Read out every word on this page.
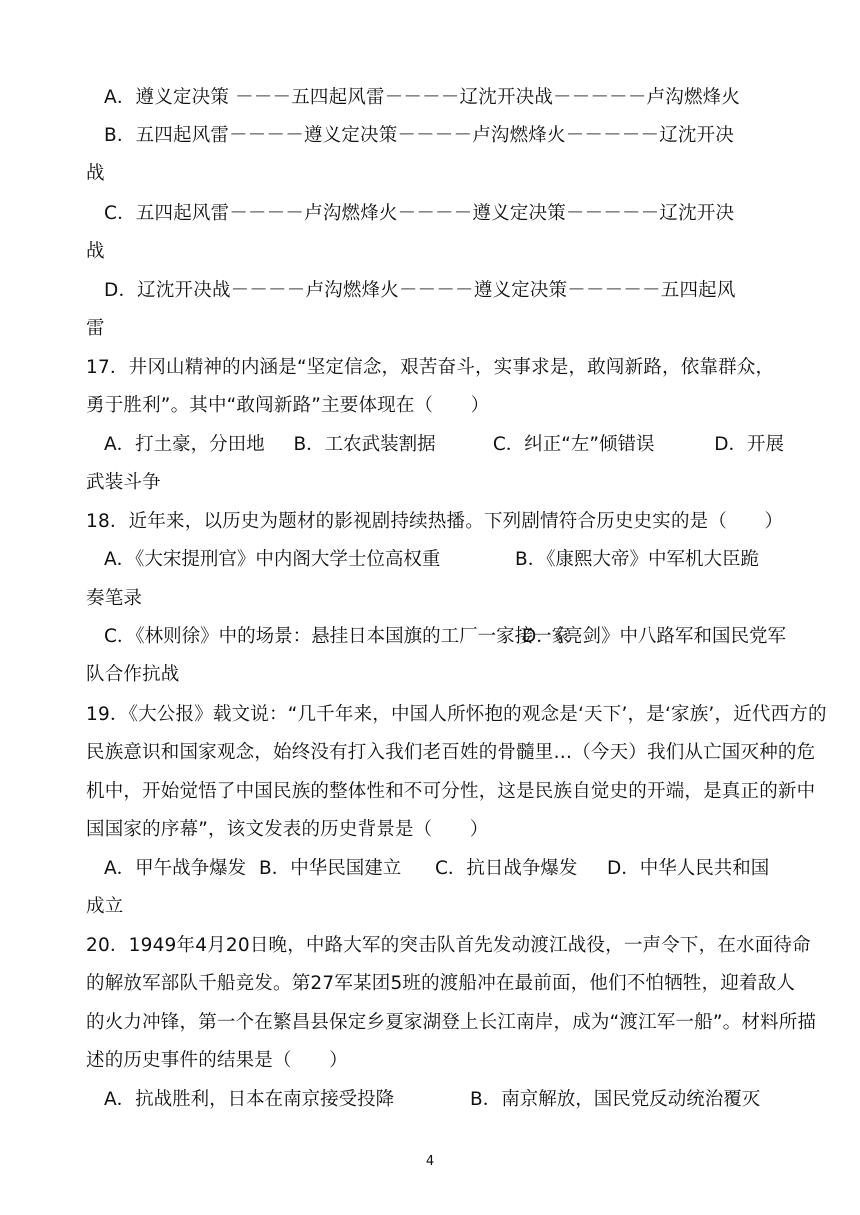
A．遵义定决策 －－－五四起风雷－－－－辽沈开决战－－－－－卢沟燃烽火
B．五四起风雷－－－－遵义定决策－－－－卢沟燃烽火－－－－－辽沈开决
战
C．五四起风雷－－－－卢沟燃烽火－－－－遵义定决策－－－－－辽沈开决
战
D．辽沈开决战－－－－卢沟燃烽火－－－－遵义定决策－－－－－五四起风
雷
17．井冈山精神的内涵是“坚定信念，艰苦奋斗，实事求是，敢闯新路，依靠群众，
勇于胜利”。其中“敢闯新路”主要体现在（　　）
A．打土豪，分田地	B．工农武装割据	C．纠正“左”倾错误	D．开展
武装斗争
18．近年来，以历史为题材的影视剧持续热播。下列剧情符合历史史实的是（　　）
A．《大宋提刑官》中内阁大学士位高权重	B．《康熙大帝》中军机大臣跪
奏笔录
C．《林则徐》中的场景：悬挂日本国旗的工厂一家接一家
D．《亮剑》中八路军和国民党军
队合作抗战
19．《大公报》载文说：“几千年来，中国人所怀抱的观念是‘天下’，是‘家族’，近代西方的
民族意识和国家观念，始终没有打入我们老百姓的骨髓里…（今天）我们从亡国灭种的危
机中，开始觉悟了中国民族的整体性和不可分性，这是民族自觉史的开端，是真正的新中
国国家的序幕”，该文发表的历史背景是（　　）
A．甲午战争爆发 B．中华民国建立	C．抗日战争爆发	D．中华人民共和国
成立
20．1949年4月20日晚，中路大军的突击队首先发动渡江战役，一声令下，在水面待命
的解放军部队千船竞发。第27军某团5班的渡船冲在最前面，他们不怕牺牲，迎着敌人
的火力冲锋，第一个在繁昌县保定乡夏家湖登上长江南岸，成为“渡江军一船”。材料所描
述的历史事件的结果是（　　）
A．抗战胜利，日本在南京接受投降	B．南京解放，国民党反动统治覆灭
4
